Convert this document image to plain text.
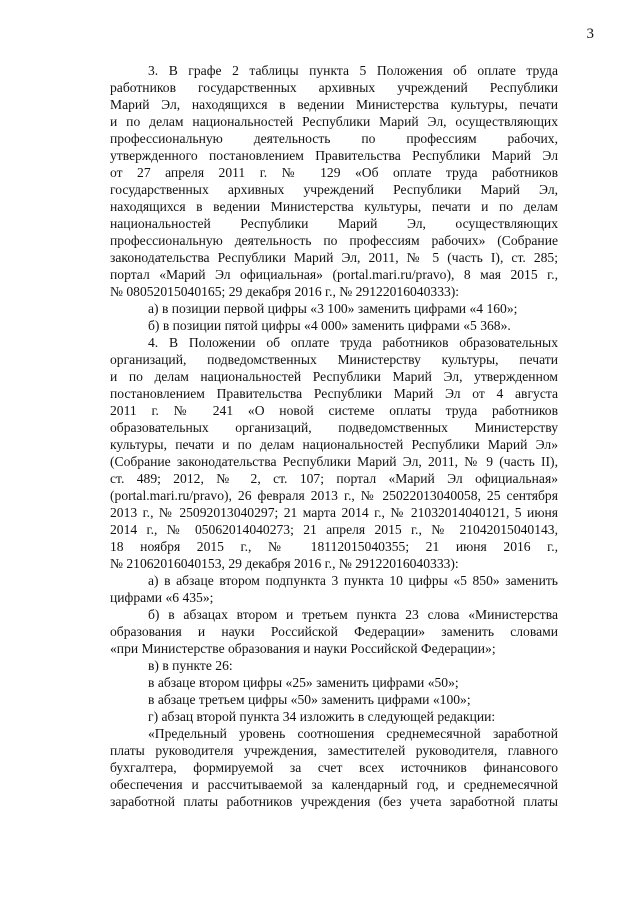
3
3. В графе 2 таблицы пункта 5 Положения об оплате труда
работников государственных архивных учреждений Республики
Марий Эл, находящихся в ведении Министерства культуры, печати
и по делам национальностей Республики Марий Эл, осуществляющих
профессиональную деятельность по профессиям рабочих,
утвержденного постановлением Правительства Республики Марий Эл
от 27 апреля 2011 г. № 129 «Об оплате труда работников
государственных архивных учреждений Республики Марий Эл,
находящихся в ведении Министерства культуры, печати и по делам
национальностей Республики Марий Эл, осуществляющих
профессиональную деятельность по профессиям рабочих» (Собрание
законодательства Республики Марий Эл, 2011, № 5 (часть I), ст. 285;
портал «Марий Эл официальная» (portal.mari.ru/pravo), 8 мая 2015 г.,
№ 08052015040165; 29 декабря 2016 г., № 29122016040333):
а) в позиции первой цифры «3 100» заменить цифрами «4 160»;
б) в позиции пятой цифры «4 000» заменить цифрами «5 368».
4. В Положении об оплате труда работников образовательных
организаций, подведомственных Министерству культуры, печати
и по делам национальностей Республики Марий Эл, утвержденном
постановлением Правительства Республики Марий Эл от 4 августа
2011 г. № 241 «О новой системе оплаты труда работников
образовательных организаций, подведомственных Министерству
культуры, печати и по делам национальностей Республики Марий Эл»
(Собрание законодательства Республики Марий Эл, 2011, № 9 (часть II),
ст. 489; 2012, № 2, ст. 107; портал «Марий Эл официальная»
(portal.mari.ru/pravo), 26 февраля 2013 г., № 25022013040058, 25 сентября
2013 г., № 25092013040297; 21 марта 2014 г., № 21032014040121, 5 июня
2014 г., № 05062014040273; 21 апреля 2015 г., № 21042015040143,
18 ноября 2015 г., № 18112015040355; 21 июня 2016 г.,
№ 21062016040153, 29 декабря 2016 г., № 29122016040333):
а) в абзаце втором подпункта 3 пункта 10 цифры «5 850» заменить
цифрами «6 435»;
б) в абзацах втором и третьем пункта 23 слова «Министерства
образования и науки Российской Федерации» заменить словами
«при Министерстве образования и науки Российской Федерации»;
в) в пункте 26:
в абзаце втором цифры «25» заменить цифрами «50»;
в абзаце третьем цифры «50» заменить цифрами «100»;
г) абзац второй пункта 34 изложить в следующей редакции:
«Предельный уровень соотношения среднемесячной заработной
платы руководителя учреждения, заместителей руководителя, главного
бухгалтера, формируемой за счет всех источников финансового
обеспечения и рассчитываемой за календарный год, и среднемесячной
заработной платы работников учреждения (без учета заработной платы
